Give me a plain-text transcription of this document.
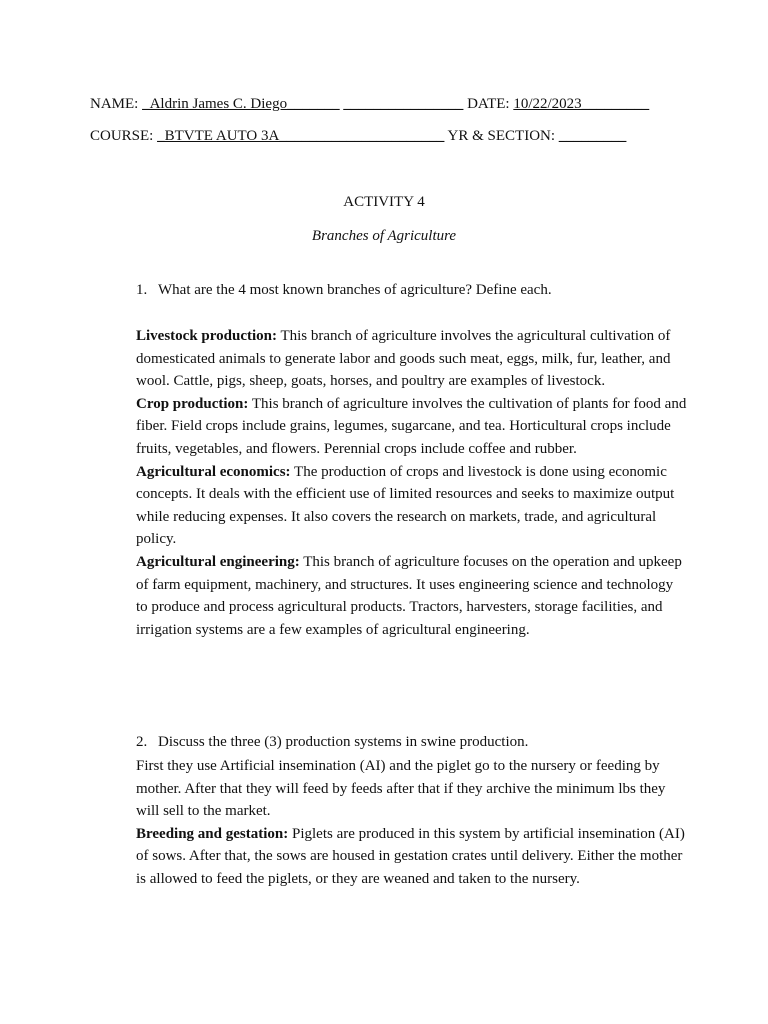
NAME: _Aldrin James C. Diego_______ ________________ DATE: 10/22/2023_________
COURSE: _BTVTE AUTO 3A______________________ YR & SECTION: _________
ACTIVITY 4
Branches of Agriculture
1. What are the 4 most known branches of agriculture? Define each.

Livestock production: This branch of agriculture involves the agricultural cultivation of domesticated animals to generate labor and goods such meat, eggs, milk, fur, leather, and wool. Cattle, pigs, sheep, goats, horses, and poultry are examples of livestock.

Crop production: This branch of agriculture involves the cultivation of plants for food and fiber. Field crops include grains, legumes, sugarcane, and tea. Horticultural crops include fruits, vegetables, and flowers. Perennial crops include coffee and rubber.

Agricultural economics: The production of crops and livestock is done using economic concepts. It deals with the efficient use of limited resources and seeks to maximize output while reducing expenses. It also covers the research on markets, trade, and agricultural policy.

Agricultural engineering: This branch of agriculture focuses on the operation and upkeep of farm equipment, machinery, and structures. It uses engineering science and technology to produce and process agricultural products. Tractors, harvesters, storage facilities, and irrigation systems are a few examples of agricultural engineering.

2. Discuss the three (3) production systems in swine production.

First they use Artificial insemination (AI) and the piglet go to the nursery or feeding by mother. After that they will feed by feeds after that if they archive the minimum lbs they will sell to the market.

Breeding and gestation: Piglets are produced in this system by artificial insemination (AI) of sows. After that, the sows are housed in gestation crates until delivery. Either the mother is allowed to feed the piglets, or they are weaned and taken to the nursery.
